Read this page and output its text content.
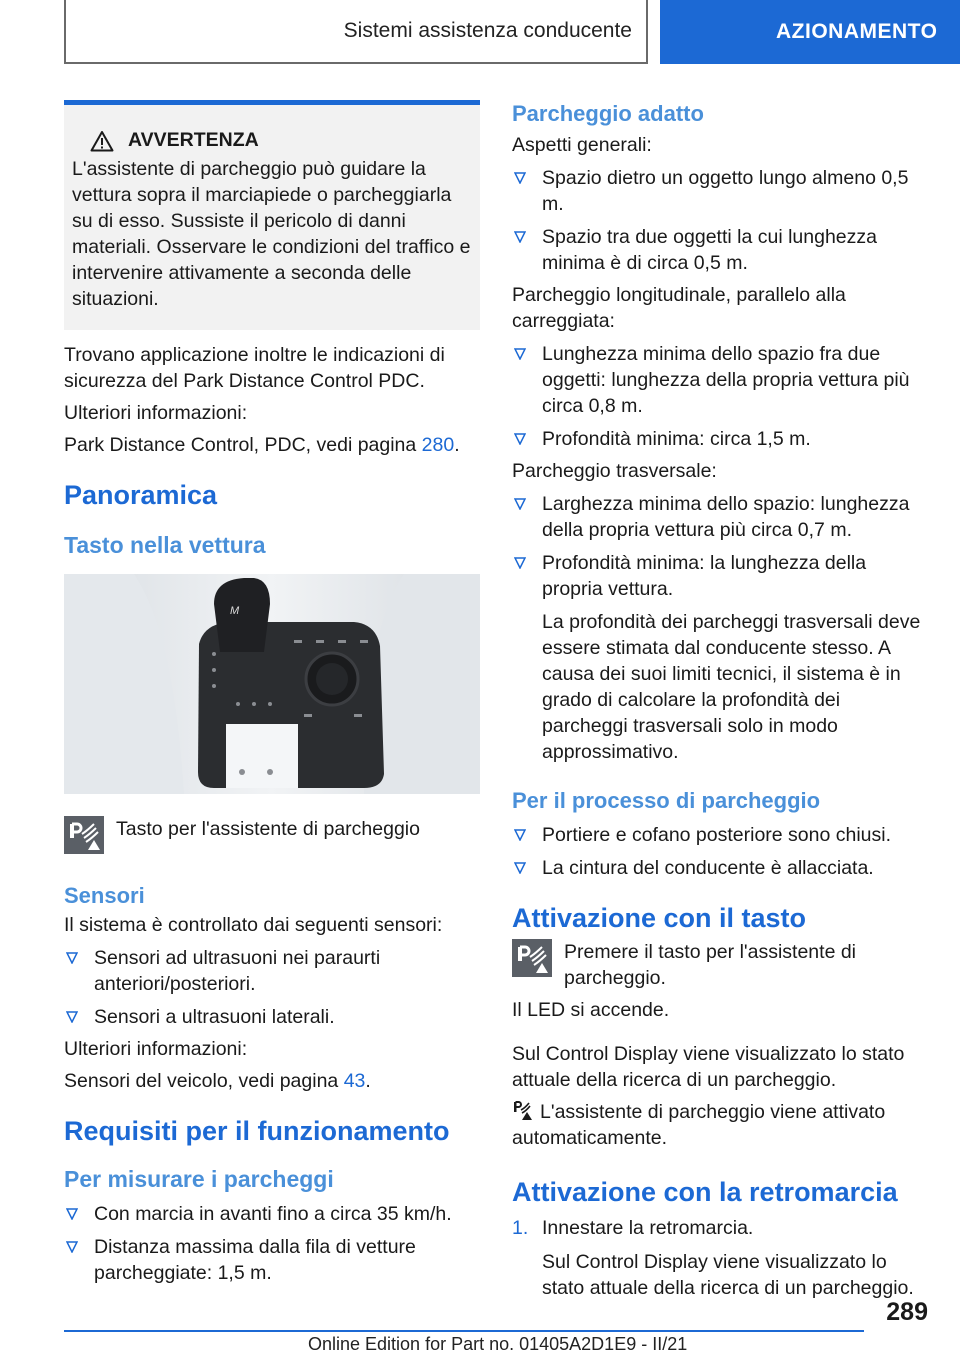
Sistemi assistenza conducente	AZIONAMENTO
AVVERTENZA

L'assistente di parcheggio può guidare la vettura sopra il marciapiede o parcheggiarla su di esso. Sussiste il pericolo di danni materiali. Osservare le condizioni del traffico e intervenire attivamente a seconda delle situazioni.

Trovano applicazione inoltre le indicazioni di sicurezza del Park Distance Control PDC.

Ulteriori informazioni:

Park Distance Control, PDC, vedi pagina 280.

Panoramica
Tasto nella vettura
M

Tasto per l'assistente di parcheggio

Sensori

Il sistema è controllato dai seguenti sensori:

Sensori ad ultrasuoni nei paraurti anteriori/posteriori.
Sensori a ultrasuoni laterali.

Ulteriori informazioni:

Sensori del veicolo, vedi pagina 43.

Requisiti per il funzionamento
Per misurare i parcheggi
Con marcia in avanti fino a circa 35 km/h.
Distanza massima dalla fila di vetture parcheggiate: 1,5 m.
Parcheggio adatto

Aspetti generali:

Spazio dietro un oggetto lungo almeno 0,5 m.
Spazio tra due oggetti la cui lunghezza minima è di circa 0,5 m.

Parcheggio longitudinale, parallelo alla carreggiata:

Lunghezza minima dello spazio fra due oggetti: lunghezza della propria vettura più circa 0,8 m.
Profondità minima: circa 1,5 m.

Parcheggio trasversale:

Larghezza minima dello spazio: lunghezza della propria vettura più circa 0,7 m.
Profondità minima: la lunghezza della propria vettura.

La profondità dei parcheggi trasversali deve essere stimata dal conducente stesso. A causa dei suoi limiti tecnici, il sistema è in grado di calcolare la profondità dei parcheggi trasversali solo in modo approssimativo.

Per il processo di parcheggio
Portiere e cofano posteriore sono chiusi.
La cintura del conducente è allacciata.
Attivazione con il tasto

Premere il tasto per l'assistente di parcheggio.

Il LED si accende.

Sul Control Display viene visualizzato lo stato attuale della ricerca di un parcheggio.

L'assistente di parcheggio viene attivato automaticamente.

Attivazione con la retromarcia
1. Innestare la retromarcia.

Sul Control Display viene visualizzato lo stato attuale della ricerca di un parcheggio.

289
Online Edition for Part no. 01405A2D1E9 - II/21
